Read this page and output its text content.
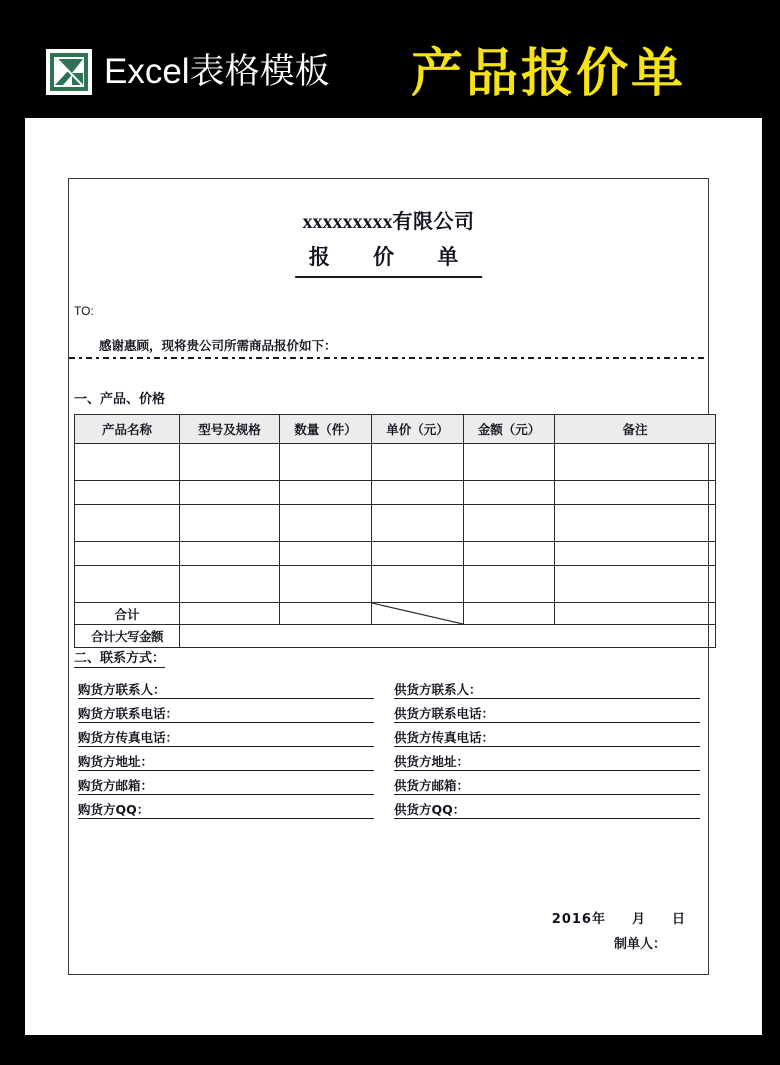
Excel表格模板 产品报价单
xxxxxxxxx有限公司
报 价 单
TO:
感谢惠顾，现将贵公司所需商品报价如下：
一、产品、价格
产品名称	型号及规格	数量（件）	单价（元）	金额（元）	备注

合计			

合计大写金额					
二、联系方式：
购货方联系人：	供货方联系人：
购货方联系电话：	供货方联系电话：
购货方传真电话：	供货方传真电话：
购货方地址：	供货方地址：
购货方邮箱：	供货方邮箱：
购货方QQ：	供货方QQ：
2016年 月 日
制单人：
